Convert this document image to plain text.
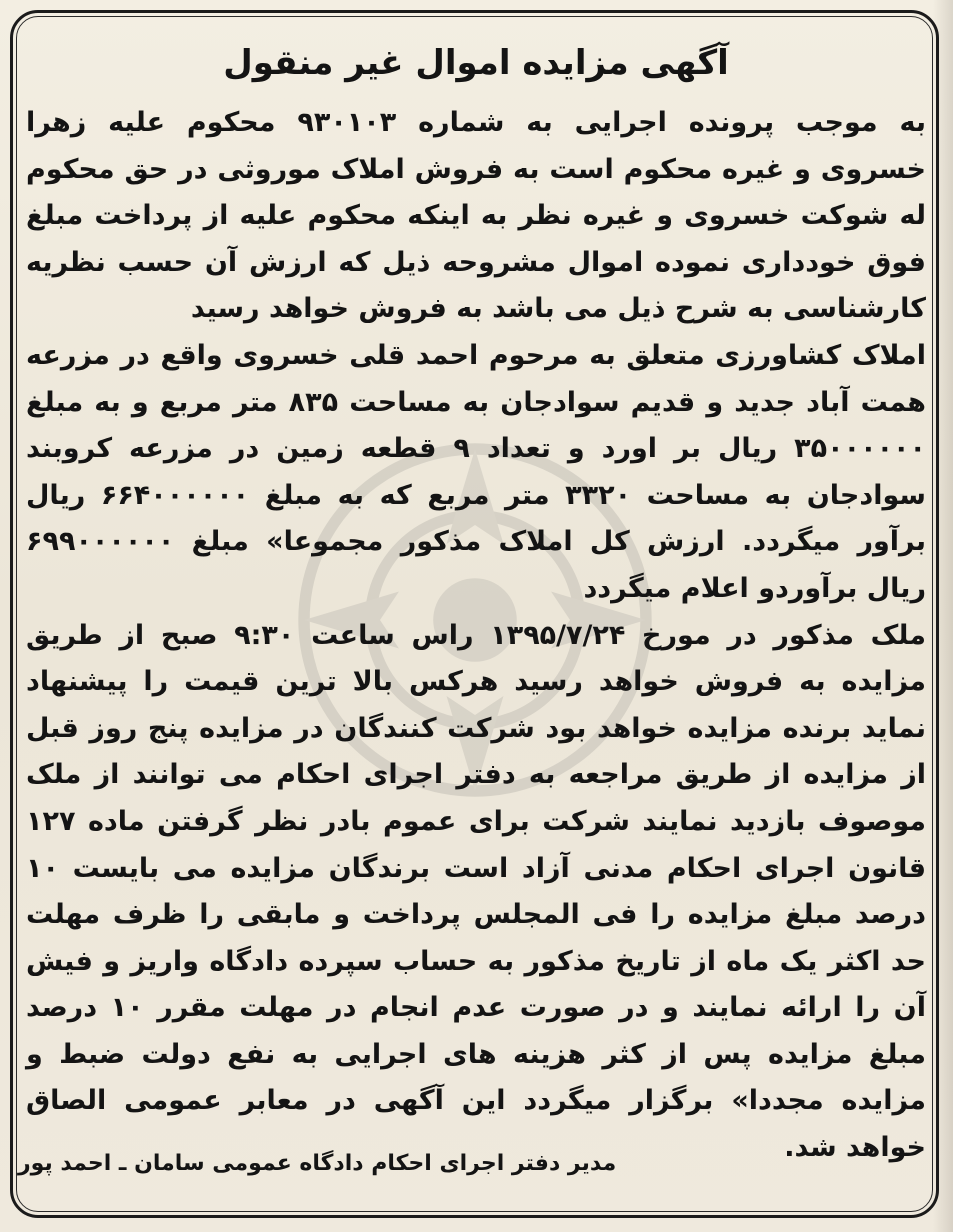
آگهی مزایده اموال غیر منقول

به موجب پرونده اجرایی به شماره ۹۳۰۱۰۳ محکوم علیه زهرا خسروی و غیره محکوم است به فروش املاک موروثی در حق محکوم له شوکت خسروی و غیره نظر به اینکه محکوم علیه از پرداخت مبلغ فوق خودداری نموده اموال مشروحه ذیل که ارزش آن حسب نظریه کارشناسی به شرح ذیل می باشد به فروش خواهد رسید

املاک کشاورزی متعلق به مرحوم احمد قلی خسروی واقع در مزرعه همت آباد جدید و قدیم سوادجان به مساحت ۸۳۵ متر مربع و به مبلغ ۳۵۰۰۰۰۰۰ ریال بر اورد و تعداد ۹ قطعه زمین در مزرعه کروبند سوادجان به مساحت ۳۳۲۰ متر مربع که به مبلغ ۶۶۴۰۰۰۰۰۰ ریال برآور میگردد. ارزش کل املاک مذکور مجموعا» مبلغ ۶۹۹۰۰۰۰۰۰ ریال برآوردو اعلام میگردد

ملک مذکور در مورخ ۱۳۹۵/۷/۲۴ راس ساعت ۹:۳۰ صبح از طریق مزایده به فروش خواهد رسید هرکس بالا ترین قیمت را پیشنهاد نماید برنده مزایده خواهد بود شرکت کنندگان در مزایده پنج روز قبل از مزایده از طریق مراجعه به دفتر اجرای احکام می توانند از ملک موصوف بازدید نمایند شرکت برای عموم بادر نظر گرفتن ماده ۱۲۷ قانون اجرای احکام مدنی آزاد است برندگان مزایده می بایست ۱۰ درصد مبلغ مزایده را فی المجلس پرداخت و مابقی را ظرف مهلت حد اکثر یک ماه از تاریخ مذکور به حساب سپرده دادگاه واریز و فیش آن را ارائه نمایند و در صورت عدم انجام در مهلت مقرر ۱۰ درصد مبلغ مزایده پس از کثر هزینه های اجرایی به نفع دولت ضبط و مزایده مجددا» برگزار میگردد این آگهی در معابر عمومی الصاق خواهد شد.

مدیر دفتر اجرای احکام دادگاه عمومی سامان ـ احمد پور
